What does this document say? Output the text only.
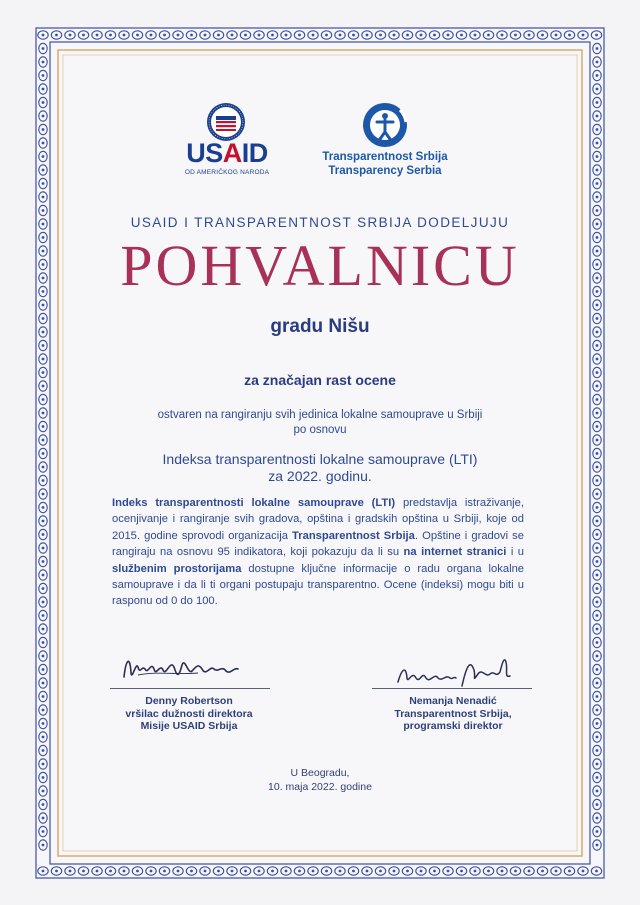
USAID
OD AMERIČKOG NARODA
Transparentnost Srbija
Transparency Serbia
USAID I TRANSPARENTNOST SRBIJA DODELJUJU
POHVALNICU
gradu Nišu
za značajan rast ocene
ostvaren na rangiranju svih jedinica lokalne samouprave u Srbiji
po osnovu
Indeksa transparentnosti lokalne samouprave (LTI)
za 2022. godinu.
Indeks transparentnosti lokalne samouprave (LTI) predstavlja istraživanje, ocenjivanje i rangiranje svih gradova, opština i gradskih opština u Srbiji, koje od 2015. godine sprovodi organizacija Transparentnost Srbija. Opštine i gradovi se rangiraju na osnovu 95 indikatora, koji pokazuju da li su na internet stranici i u službenim prostorijama dostupne ključne informacije o radu organa lokalne samouprave i da li ti organi postupaju transparentno. Ocene (indeksi) mogu biti u rasponu od 0 do 100.
Denny Robertson
vršilac dužnosti direktora
Misije USAID Srbija
Nemanja Nenadić
Transparentnost Srbija,
programski direktor
U Beogradu,
10. maja 2022. godine
